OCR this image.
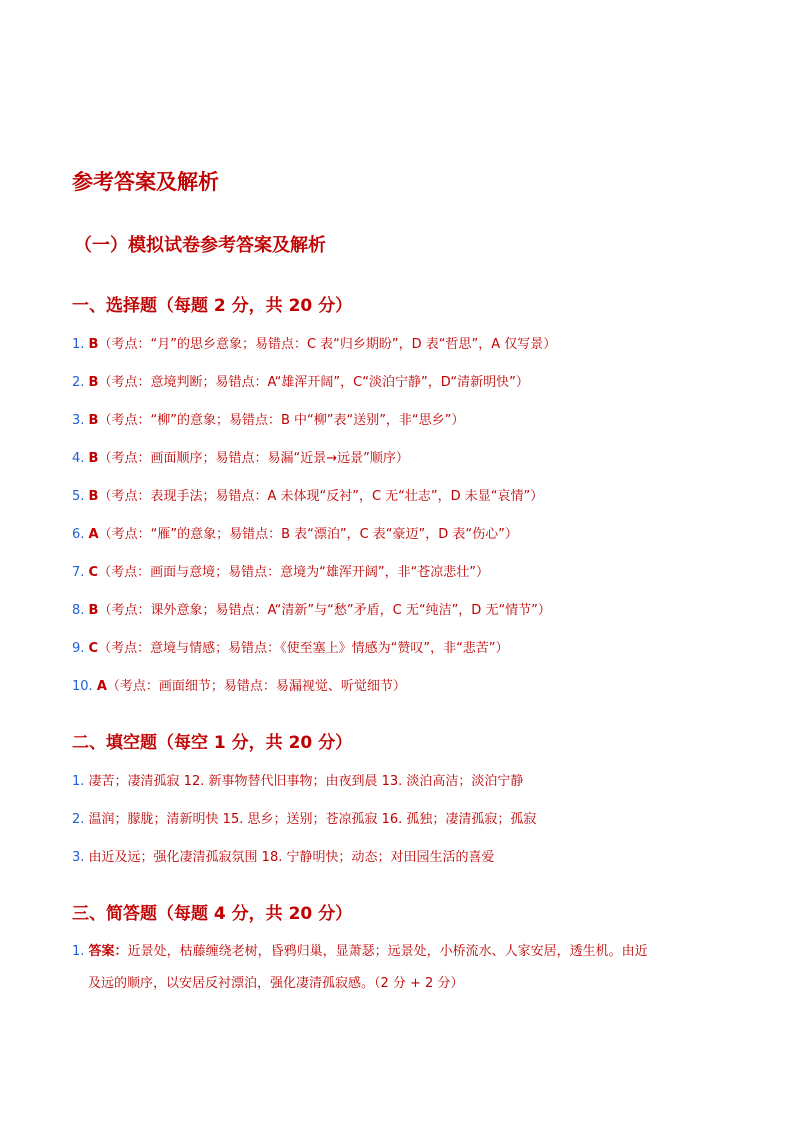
参考答案及解析
（一）模拟试卷参考答案及解析
一、选择题（每题 2 分，共 20 分）
1. B（考点：“月”的思乡意象；易错点：C 表“归乡期盼”，D 表“哲思”，A 仅写景）
2. B（考点：意境判断；易错点：A“雄浑开阔”，C“淡泊宁静”，D“清新明快”）
3. B（考点：“柳”的意象；易错点：B 中“柳”表“送别”，非“思乡”）
4. B（考点：画面顺序；易错点：易漏“近景→远景”顺序）
5. B（考点：表现手法；易错点：A 未体现“反衬”，C 无“壮志”，D 未显“哀情”）
6. A（考点：“雁”的意象；易错点：B 表“漂泊”，C 表“豪迈”，D 表“伤心”）
7. C（考点：画面与意境；易错点：意境为“雄浑开阔”，非“苍凉悲壮”）
8. B（考点：课外意象；易错点：A“清新”与“愁”矛盾，C 无“纯洁”，D 无“情节”）
9. C（考点：意境与情感；易错点：《使至塞上》情感为“赞叹”，非“悲苦”）
10. A（考点：画面细节；易错点：易漏视觉、听觉细节）
二、填空题（每空 1 分，共 20 分）
1. 凄苦；凄清孤寂 12. 新事物替代旧事物；由夜到晨 13. 淡泊高洁；淡泊宁静
2. 温润；朦胧；清新明快 15. 思乡；送别；苍凉孤寂 16. 孤独；凄清孤寂；孤寂
3. 由近及远；强化凄清孤寂氛围 18. 宁静明快；动态；对田园生活的喜爱
三、简答题（每题 4 分，共 20 分）
1. 答案：近景处，枯藤缠绕老树，昏鸦归巢，显萧瑟；远景处，小桥流水、人家安居，透生机。由近
及远的顺序，以安居反衬漂泊，强化凄清孤寂感。（2 分 + 2 分）
